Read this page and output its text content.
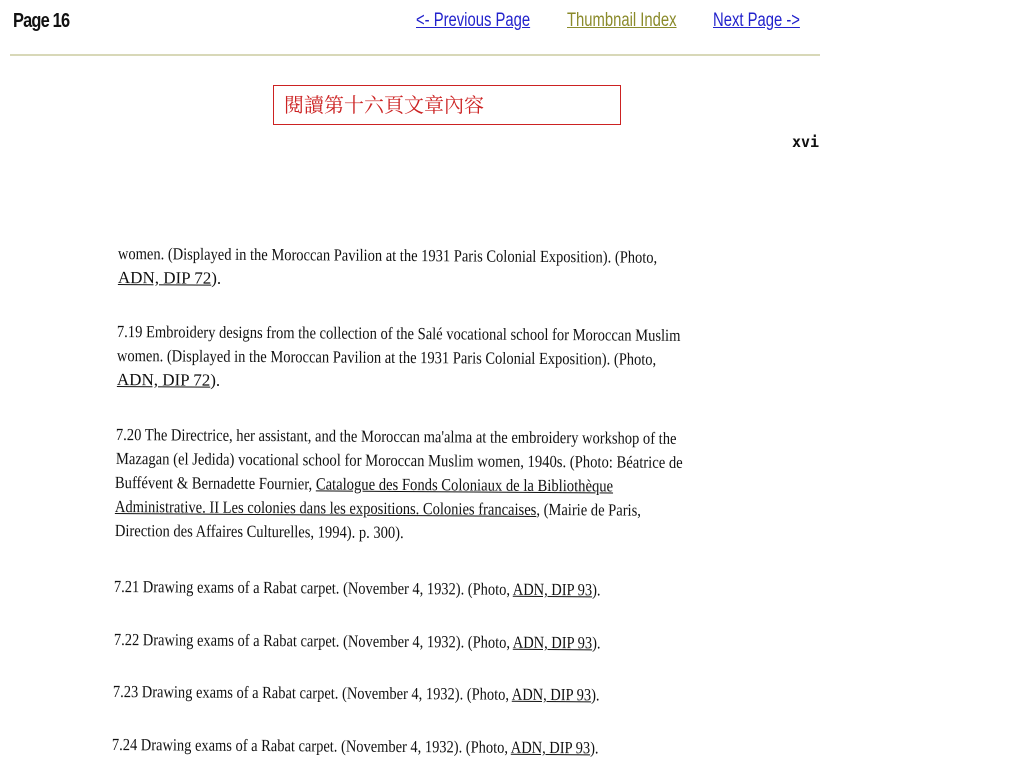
Page 16	<- Previous Page Thumbnail Index Next Page ->
閱讀第十六頁文章內容
xvi
women. (Displayed in the Moroccan Pavilion at the 1931 Paris Colonial Exposition). (Photo,
ADN, DIP 72).
7.19 Embroidery designs from the collection of the Salé vocational school for Moroccan Muslim
women. (Displayed in the Moroccan Pavilion at the 1931 Paris Colonial Exposition). (Photo,
ADN, DIP 72).
7.20 The Directrice, her assistant, and the Moroccan ma'alma at the embroidery workshop of the
Mazagan (el Jedida) vocational school for Moroccan Muslim women, 1940s. (Photo: Béatrice de
Buffévent & Bernadette Fournier, Catalogue des Fonds Coloniaux de la Bibliothèque
Administrative. II Les colonies dans les expositions. Colonies francaises, (Mairie de Paris,
Direction des Affaires Culturelles, 1994). p. 300).
7.21 Drawing exams of a Rabat carpet. (November 4, 1932). (Photo, ADN, DIP 93).
7.22 Drawing exams of a Rabat carpet. (November 4, 1932). (Photo, ADN, DIP 93).
7.23 Drawing exams of a Rabat carpet. (November 4, 1932). (Photo, ADN, DIP 93).
7.24 Drawing exams of a Rabat carpet. (November 4, 1932). (Photo, ADN, DIP 93).
